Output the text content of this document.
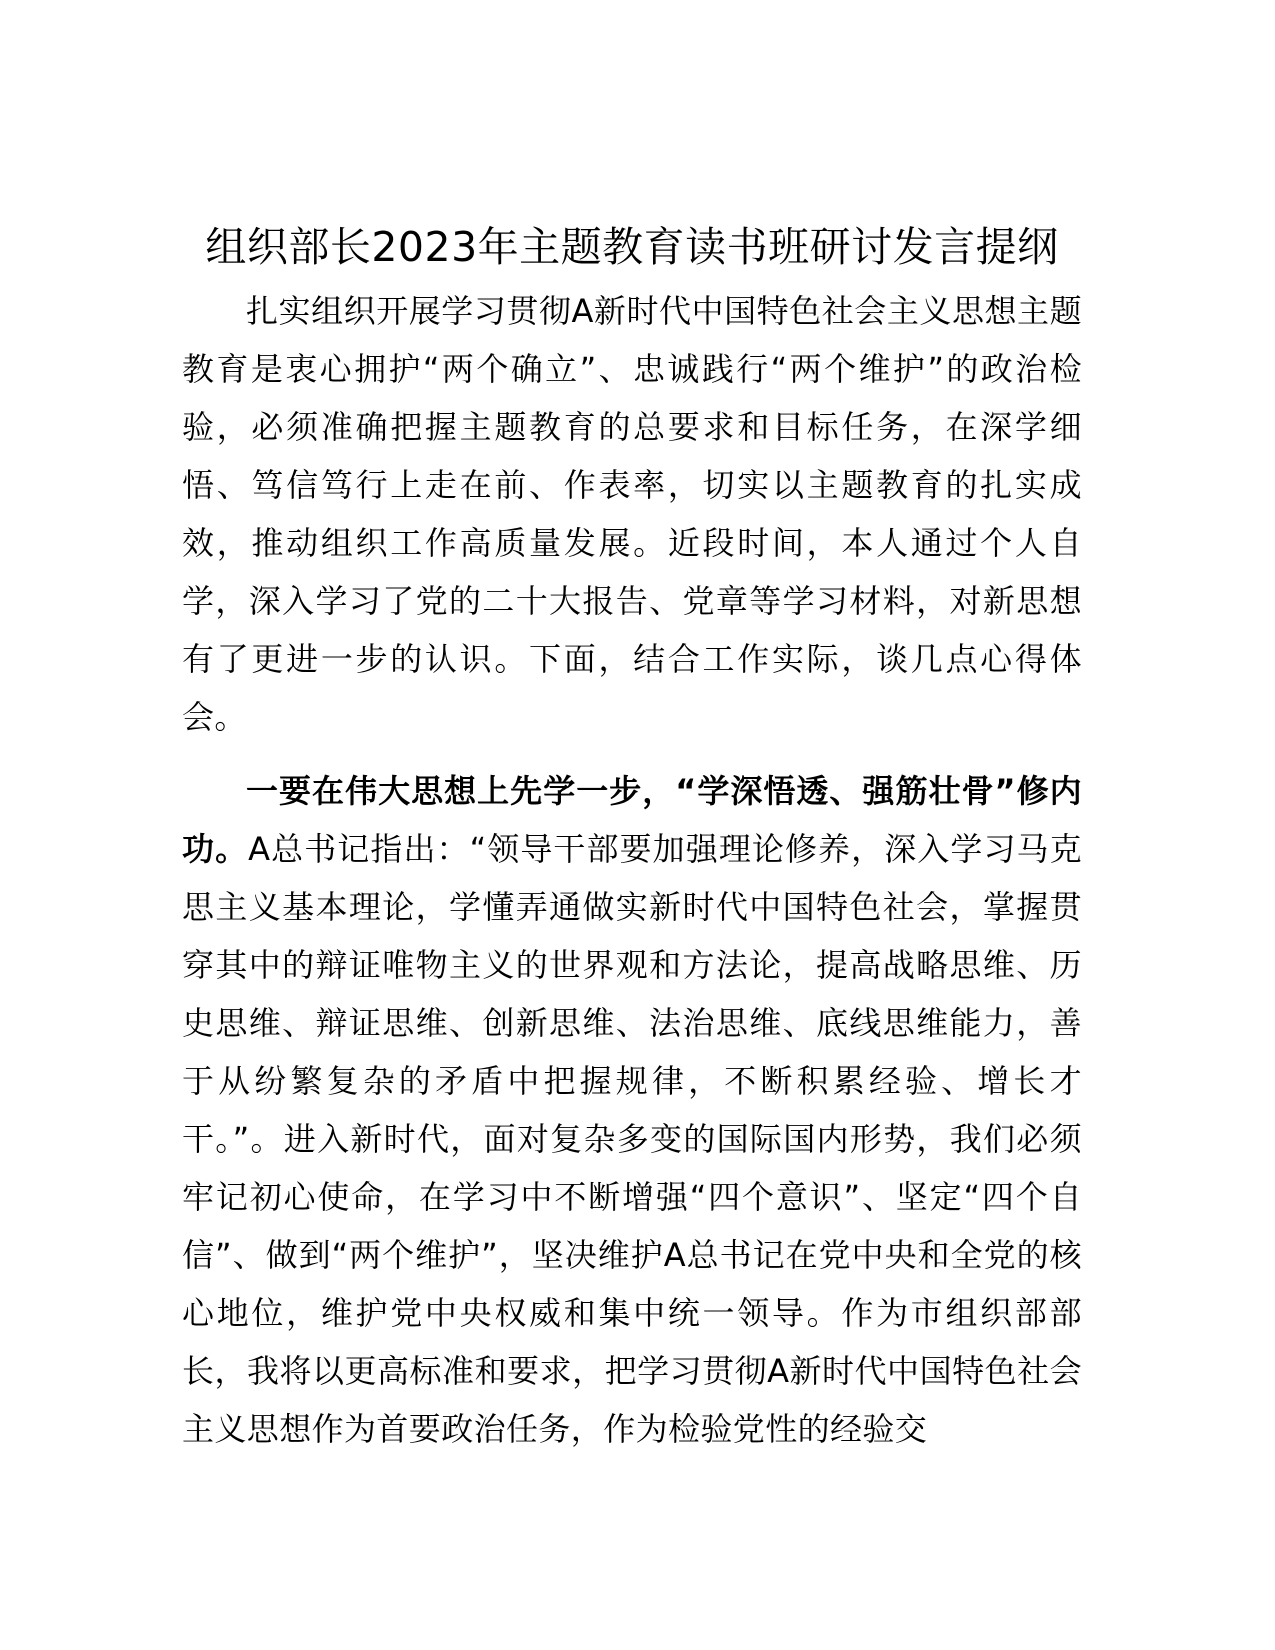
组织部长2023年主题教育读书班研讨发言提纲

扎实组织开展学习贯彻A新时代中国特色社会主义思想主题教育是衷心拥护“两个确立”、忠诚践行“两个维护”的政治检验，必须准确把握主题教育的总要求和目标任务，在深学细悟、笃信笃行上走在前、作表率，切实以主题教育的扎实成效，推动组织工作高质量发展。近段时间，本人通过个人自学，深入学习了党的二十大报告、党章等学习材料，对新思想有了更进一步的认识。下面，结合工作实际，谈几点心得体会。

一要在伟大思想上先学一步，“学深悟透、强筋壮骨”修内功。A总书记指出：“领导干部要加强理论修养，深入学习马克思主义基本理论，学懂弄通做实新时代中国特色社会，掌握贯穿其中的辩证唯物主义的世界观和方法论，提高战略思维、历史思维、辩证思维、创新思维、法治思维、底线思维能力，善于从纷繁复杂的矛盾中把握规律，不断积累经验、增长才干。”。进入新时代，面对复杂多变的国际国内形势，我们必须牢记初心使命，在学习中不断增强“四个意识”、坚定“四个自信”、做到“两个维护”，坚决维护A总书记在党中央和全党的核心地位，维护党中央权威和集中统一领导。作为市组织部部长，我将以更高标准和要求，把学习贯彻A新时代中国特色社会主义思想作为首要政治任务，作为检验党性的经验交
